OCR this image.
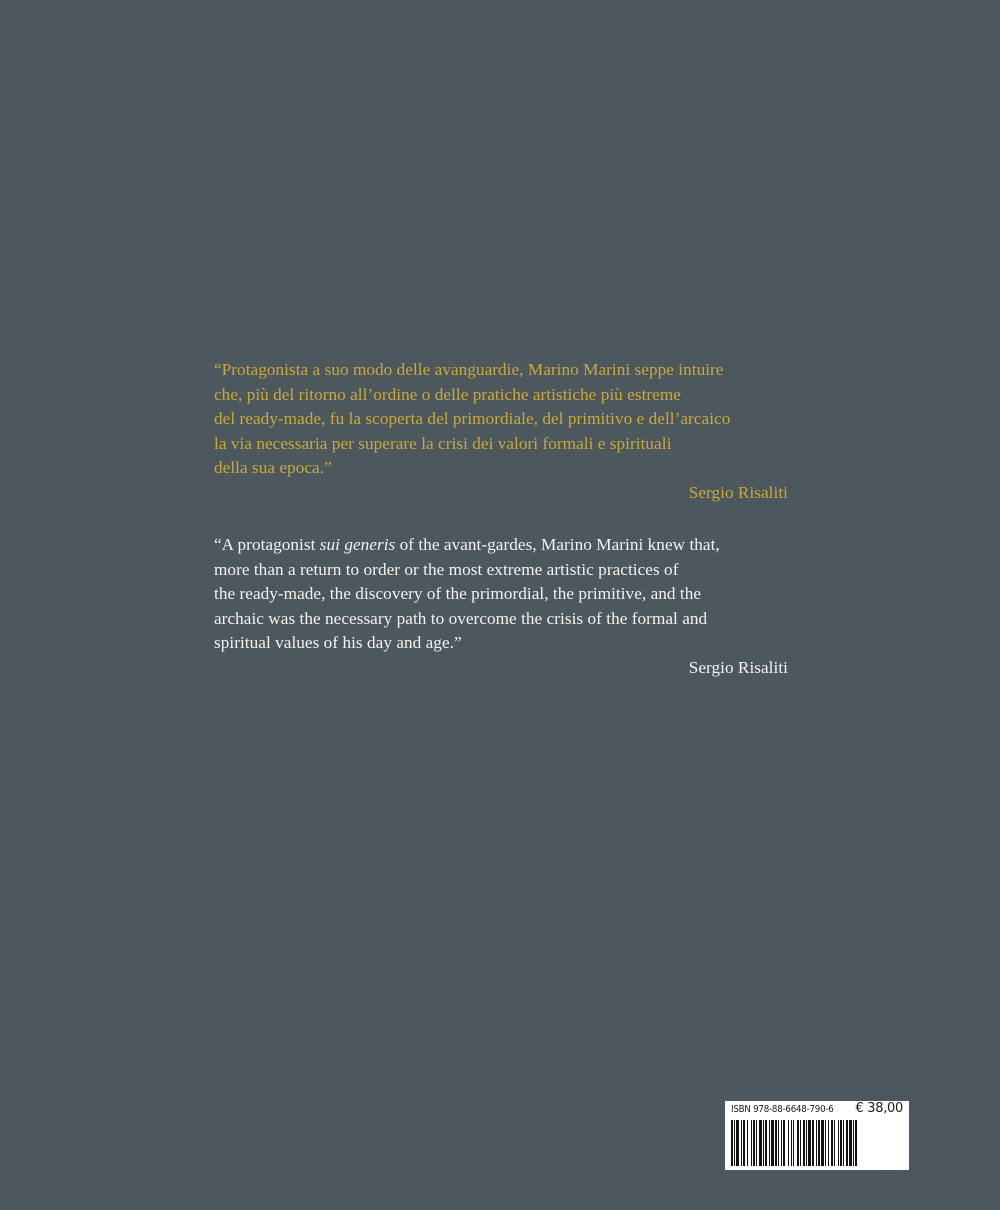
“Protagonista a suo modo delle avanguardie, Marino Marini seppe intuire
che, più del ritorno all’ordine o delle pratiche artistiche più estreme
del ready-made, fu la scoperta del primordiale, del primitivo e dell’arcaico
la via necessaria per superare la crisi dei valori formali e spirituali
della sua epoca.”
Sergio Risaliti
“A protagonist sui generis of the avant-gardes, Marino Marini knew that,
more than a return to order or the most extreme artistic practices of
the ready-made, the discovery of the primordial, the primitive, and the
archaic was the necessary path to overcome the crisis of the formal and
spiritual values of his day and age.”
Sergio Risaliti
ISBN 978-88-6648-790-6 € 38,00
